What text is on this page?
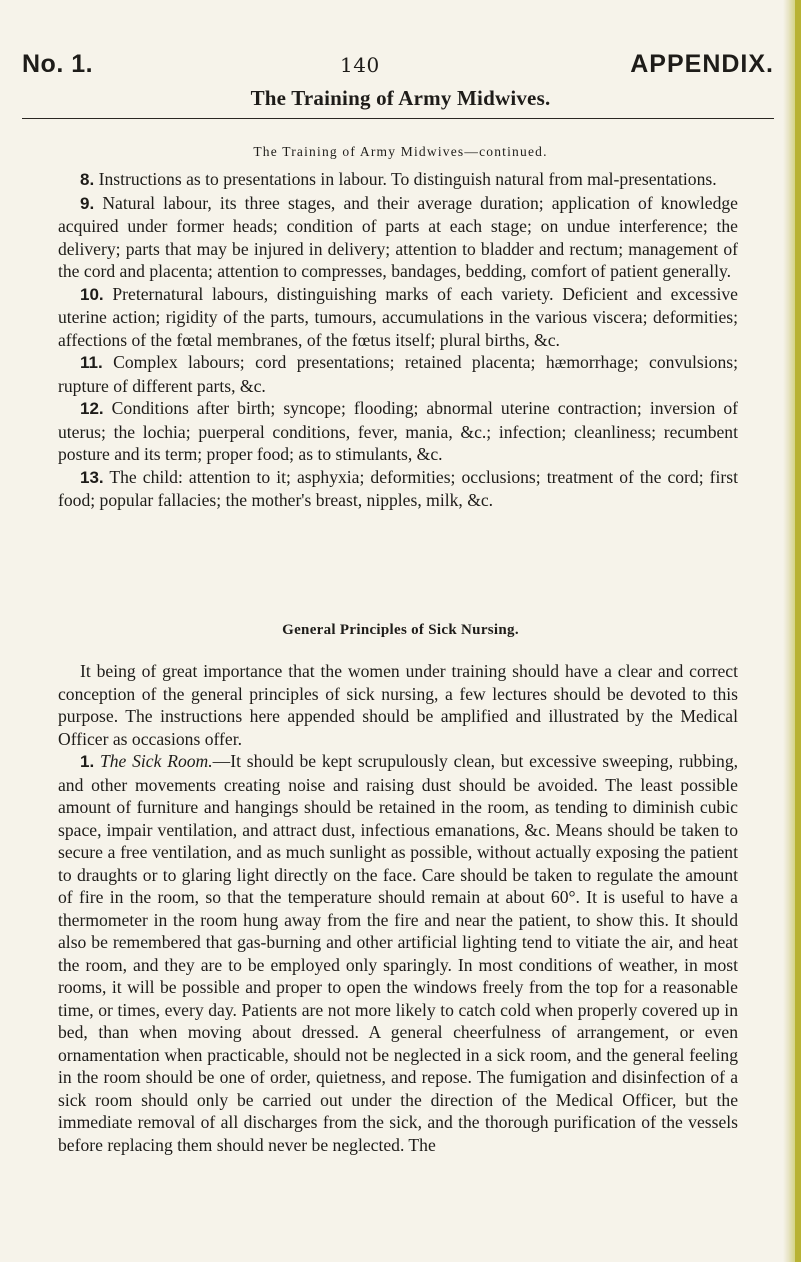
No. 1.	140	APPENDIX.
The Training of Army Midwives.
The Training of Army Midwives—continued.

8. Instructions as to presentations in labour. To distinguish natural from mal-presentations.

9. Natural labour, its three stages, and their average duration; application of knowledge acquired under former heads; condition of parts at each stage; on undue interference; the delivery; parts that may be injured in delivery; attention to bladder and rectum; management of the cord and placenta; attention to compresses, bandages, bedding, comfort of patient generally.

10. Preternatural labours, distinguishing marks of each variety. Deficient and excessive uterine action; rigidity of the parts, tumours, accumulations in the various viscera; deformities; affections of the fœtal membranes, of the fœtus itself; plural births, &c.

11. Complex labours; cord presentations; retained placenta; hæmorrhage; convulsions; rupture of different parts, &c.

12. Conditions after birth; syncope; flooding; abnormal uterine contraction; inversion of uterus; the lochia; puerperal conditions, fever, mania, &c.; infection; cleanliness; recumbent posture and its term; proper food; as to stimulants, &c.

13. The child: attention to it; asphyxia; deformities; occlusions; treatment of the cord; first food; popular fallacies; the mother's breast, nipples, milk, &c.

General Principles of Sick Nursing.

It being of great importance that the women under training should have a clear and correct conception of the general principles of sick nursing, a few lectures should be devoted to this purpose. The instructions here appended should be amplified and illustrated by the Medical Officer as occasions offer.

1. The Sick Room.—It should be kept scrupulously clean, but excessive sweeping, rubbing, and other movements creating noise and raising dust should be avoided. The least possible amount of furniture and hangings should be retained in the room, as tending to diminish cubic space, impair ventilation, and attract dust, infectious emanations, &c. Means should be taken to secure a free ventilation, and as much sunlight as possible, without actually exposing the patient to draughts or to glaring light directly on the face. Care should be taken to regulate the amount of fire in the room, so that the temperature should remain at about 60°. It is useful to have a thermometer in the room hung away from the fire and near the patient, to show this. It should also be remembered that gas-burning and other artificial lighting tend to vitiate the air, and heat the room, and they are to be employed only sparingly. In most conditions of weather, in most rooms, it will be possible and proper to open the windows freely from the top for a reasonable time, or times, every day. Patients are not more likely to catch cold when properly covered up in bed, than when moving about dressed. A general cheerfulness of arrangement, or even ornamentation when practicable, should not be neglected in a sick room, and the general feeling in the room should be one of order, quietness, and repose. The fumigation and disinfection of a sick room should only be carried out under the direction of the Medical Officer, but the immediate removal of all discharges from the sick, and the thorough purification of the vessels before replacing them should never be neglected. The
